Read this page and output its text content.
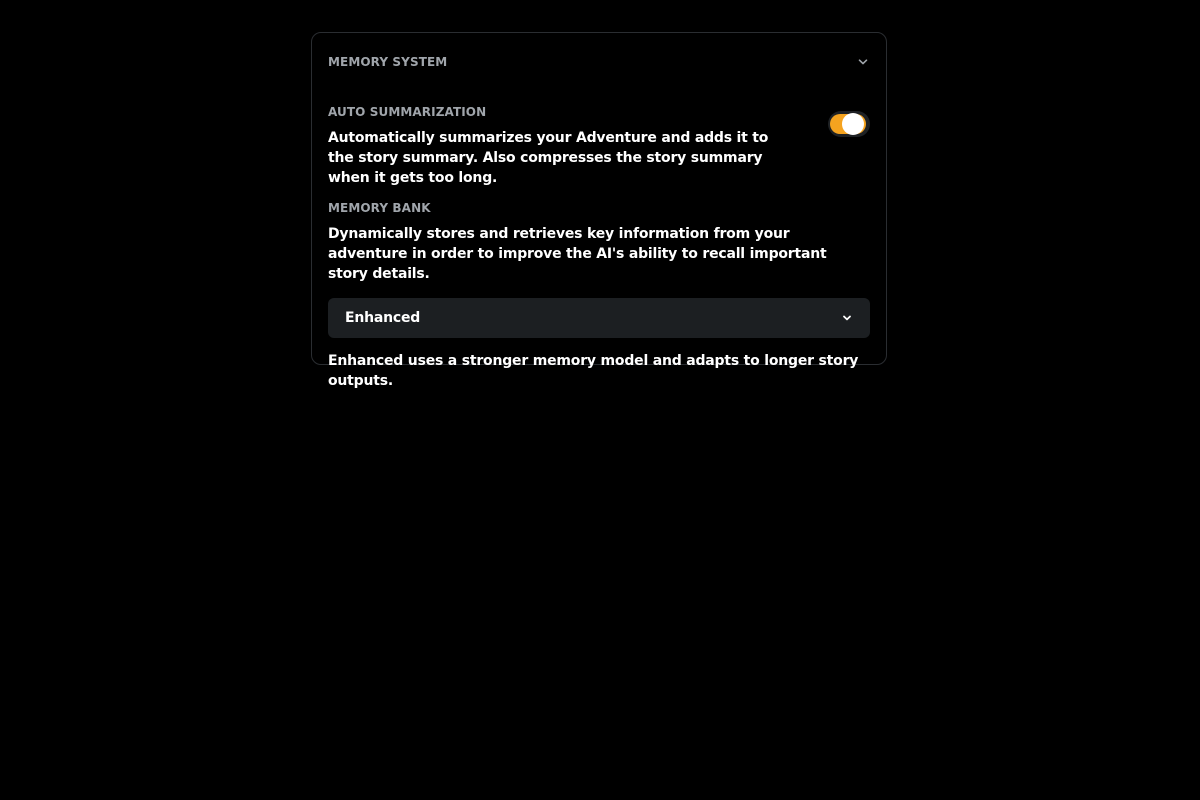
MEMORY SYSTEM
AUTO SUMMARIZATION
Automatically summarizes your Adventure and adds it to the story summary. Also compresses the story summary when it gets too long.
MEMORY BANK
Dynamically stores and retrieves key information from your adventure in order to improve the AI's ability to recall important story details.
Enhanced
Enhanced uses a stronger memory model and adapts to longer story outputs.
